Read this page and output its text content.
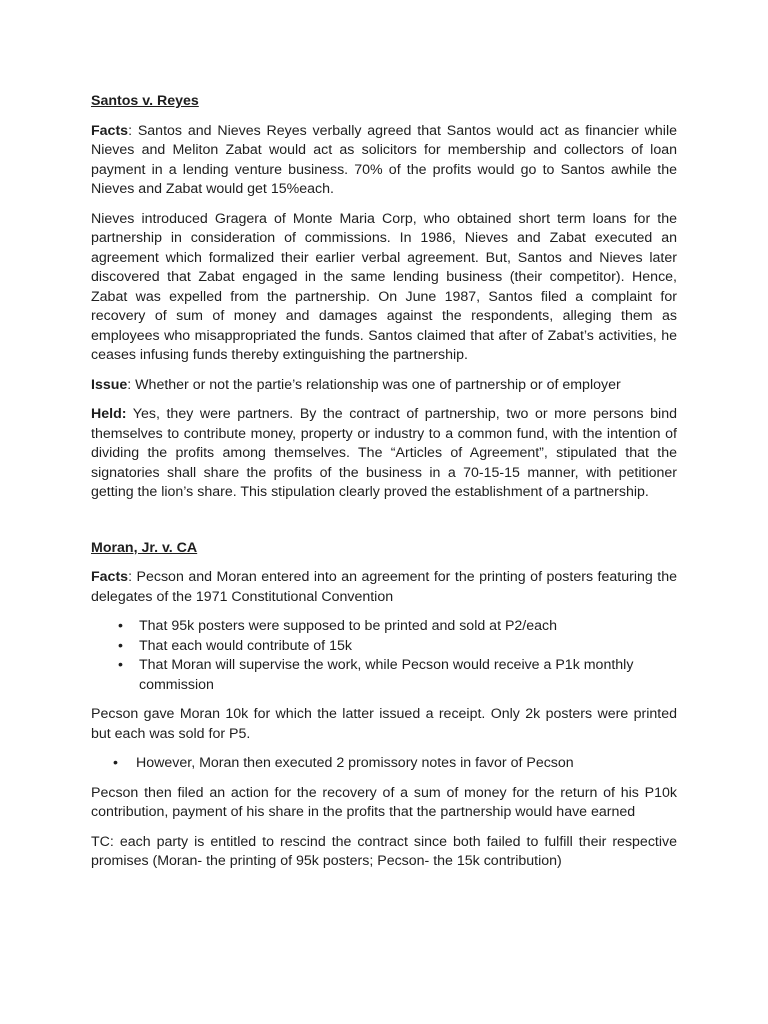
Santos v. Reyes

Facts: Santos and Nieves Reyes verbally agreed that Santos would act as financier while Nieves and Meliton Zabat would act as solicitors for membership and collectors of loan payment in a lending venture business. 70% of the profits would go to Santos awhile the Nieves and Zabat would get 15%each.

Nieves introduced Gragera of Monte Maria Corp, who obtained short term loans for the partnership in consideration of commissions. In 1986, Nieves and Zabat executed an agreement which formalized their earlier verbal agreement. But, Santos and Nieves later discovered that Zabat engaged in the same lending business (their competitor). Hence, Zabat was expelled from the partnership. On June 1987, Santos filed a complaint for recovery of sum of money and damages against the respondents, alleging them as employees who misappropriated the funds. Santos claimed that after of Zabat’s activities, he ceases infusing funds thereby extinguishing the partnership.

Issue: Whether or not the partie’s relationship was one of partnership or of employer

Held: Yes, they were partners. By the contract of partnership, two or more persons bind themselves to contribute money, property or industry to a common fund, with the intention of dividing the profits among themselves. The “Articles of Agreement”, stipulated that the signatories shall share the profits of the business in a 70-15-15 manner, with petitioner getting the lion’s share. This stipulation clearly proved the establishment of a partnership.

Moran, Jr. v. CA

Facts: Pecson and Moran entered into an agreement for the printing of posters featuring the delegates of the 1971 Constitutional Convention

• That 95k posters were supposed to be printed and sold at P2/each
• That each would contribute of 15k
• That Moran will supervise the work, while Pecson would receive a P1k monthly commission

Pecson gave Moran 10k for which the latter issued a receipt. Only 2k posters were printed but each was sold for P5.

• However, Moran then executed 2 promissory notes in favor of Pecson

Pecson then filed an action for the recovery of a sum of money for the return of his P10k contribution, payment of his share in the profits that the partnership would have earned

TC: each party is entitled to rescind the contract since both failed to fulfill their respective promises (Moran- the printing of 95k posters; Pecson- the 15k contribution)
